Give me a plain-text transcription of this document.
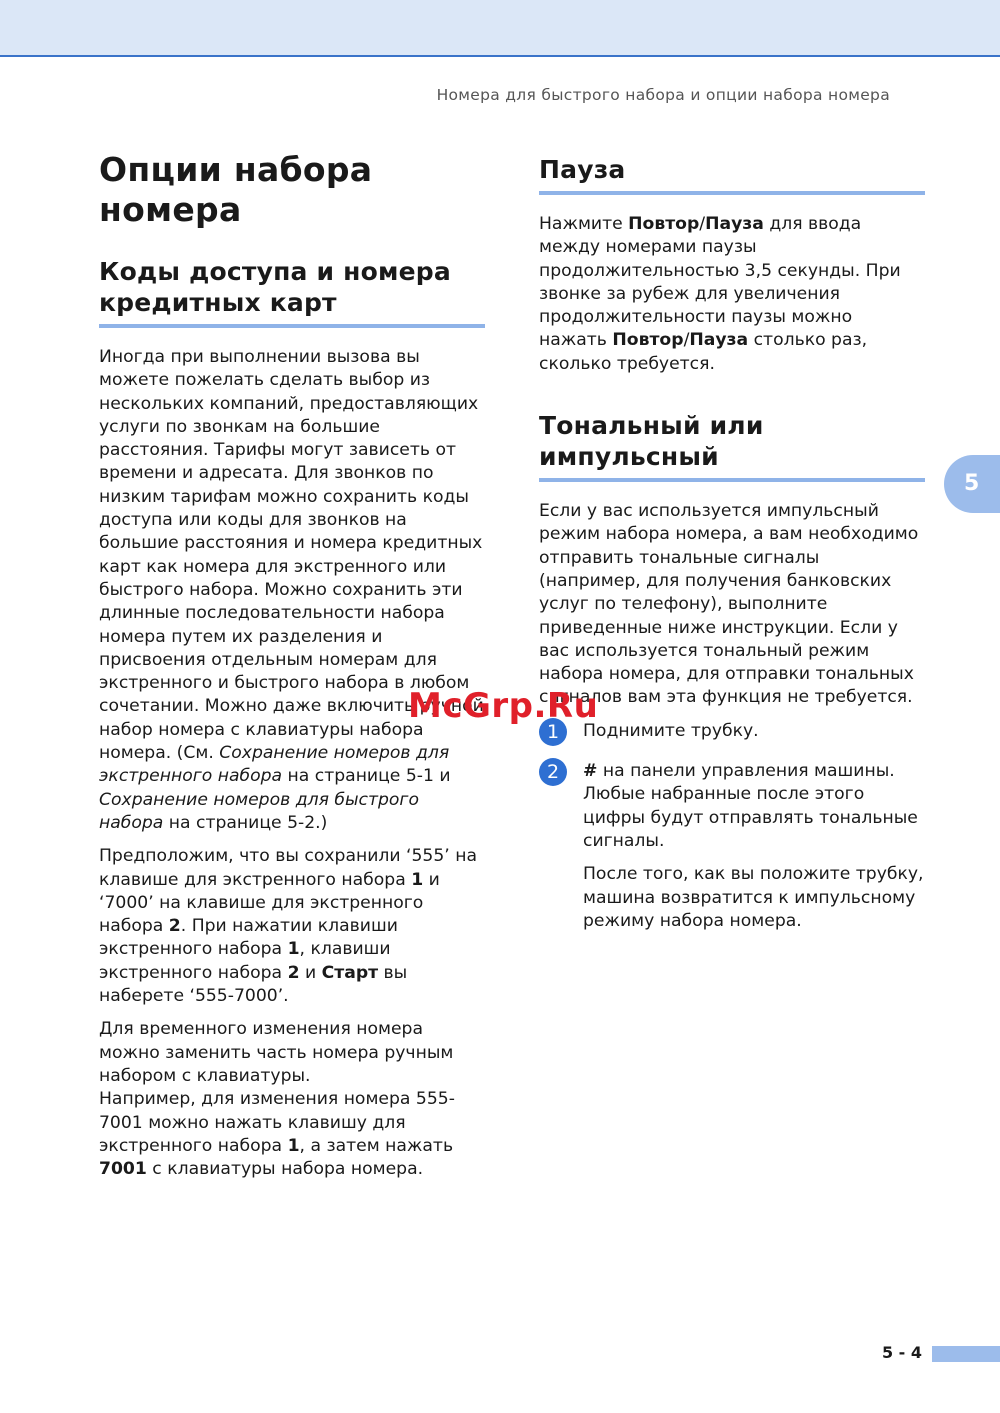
Номера для быстрого набора и опции набора номера
Опции набора
номера
Коды доступа и номера
кредитных карт

Иногда при выполнении вызова вы можете пожелать сделать выбор из нескольких компаний, предоставляющих услуги по звонкам на большие расстояния. Тарифы могут зависеть от времени и адресата. Для звонков по низким тарифам можно сохранить коды доступа или коды для звонков на большие расстояния и номера кредитных карт как номера для экстренного или быстрого набора. Можно сохранить эти длинные последовательности набора номера путем их разделения и присвоения отдельным номерам для экстренного и быстрого набора в любом сочетании. Можно даже включить ручной набор номера с клавиатуры набора номера. (См. Сохранение номеров для экстренного набора на странице 5-1 и Сохранение номеров для быстрого набора на странице 5-2.)

Предположим, что вы сохранили ‘555’ на клавише для экстренного набора 1 и ‘7000’ на клавише для экстренного набора 2. При нажатии клавиши экстренного набора 1, клавиши экстренного набора 2 и Старт вы наберете ‘555-7000’.

Для временного изменения номера можно заменить часть номера ручным набором с клавиатуры.
Например, для изменения номера 555-7001 можно нажать клавишу для экстренного набора 1, а затем нажать 7001 с клавиатуры набора номера.

Пауза

Нажмите Повтор/Пауза для ввода между номерами паузы продолжительностью 3,5 секунды. При звонке за рубеж для увеличения продолжительности паузы можно нажать Повтор/Пауза столько раз, сколько требуется.

Тональный или
импульсный

Если у вас используется импульсный режим набора номера, а вам необходимо отправить тональные сигналы (например, для получения банковских услуг по телефону), выполните приведенные ниже инструкции. Если у вас используется тональный режим набора номера, для отправки тональных сигналов вам эта функция не требуется.

1	Поднимите трубку.

2	# на панели управления машины. Любые набранные после этого цифры будут отправлять тональные сигналы.

После того, как вы положите трубку, машина возвратится к импульсному режиму набора номера.

5
McGrp.Ru
5 - 4
